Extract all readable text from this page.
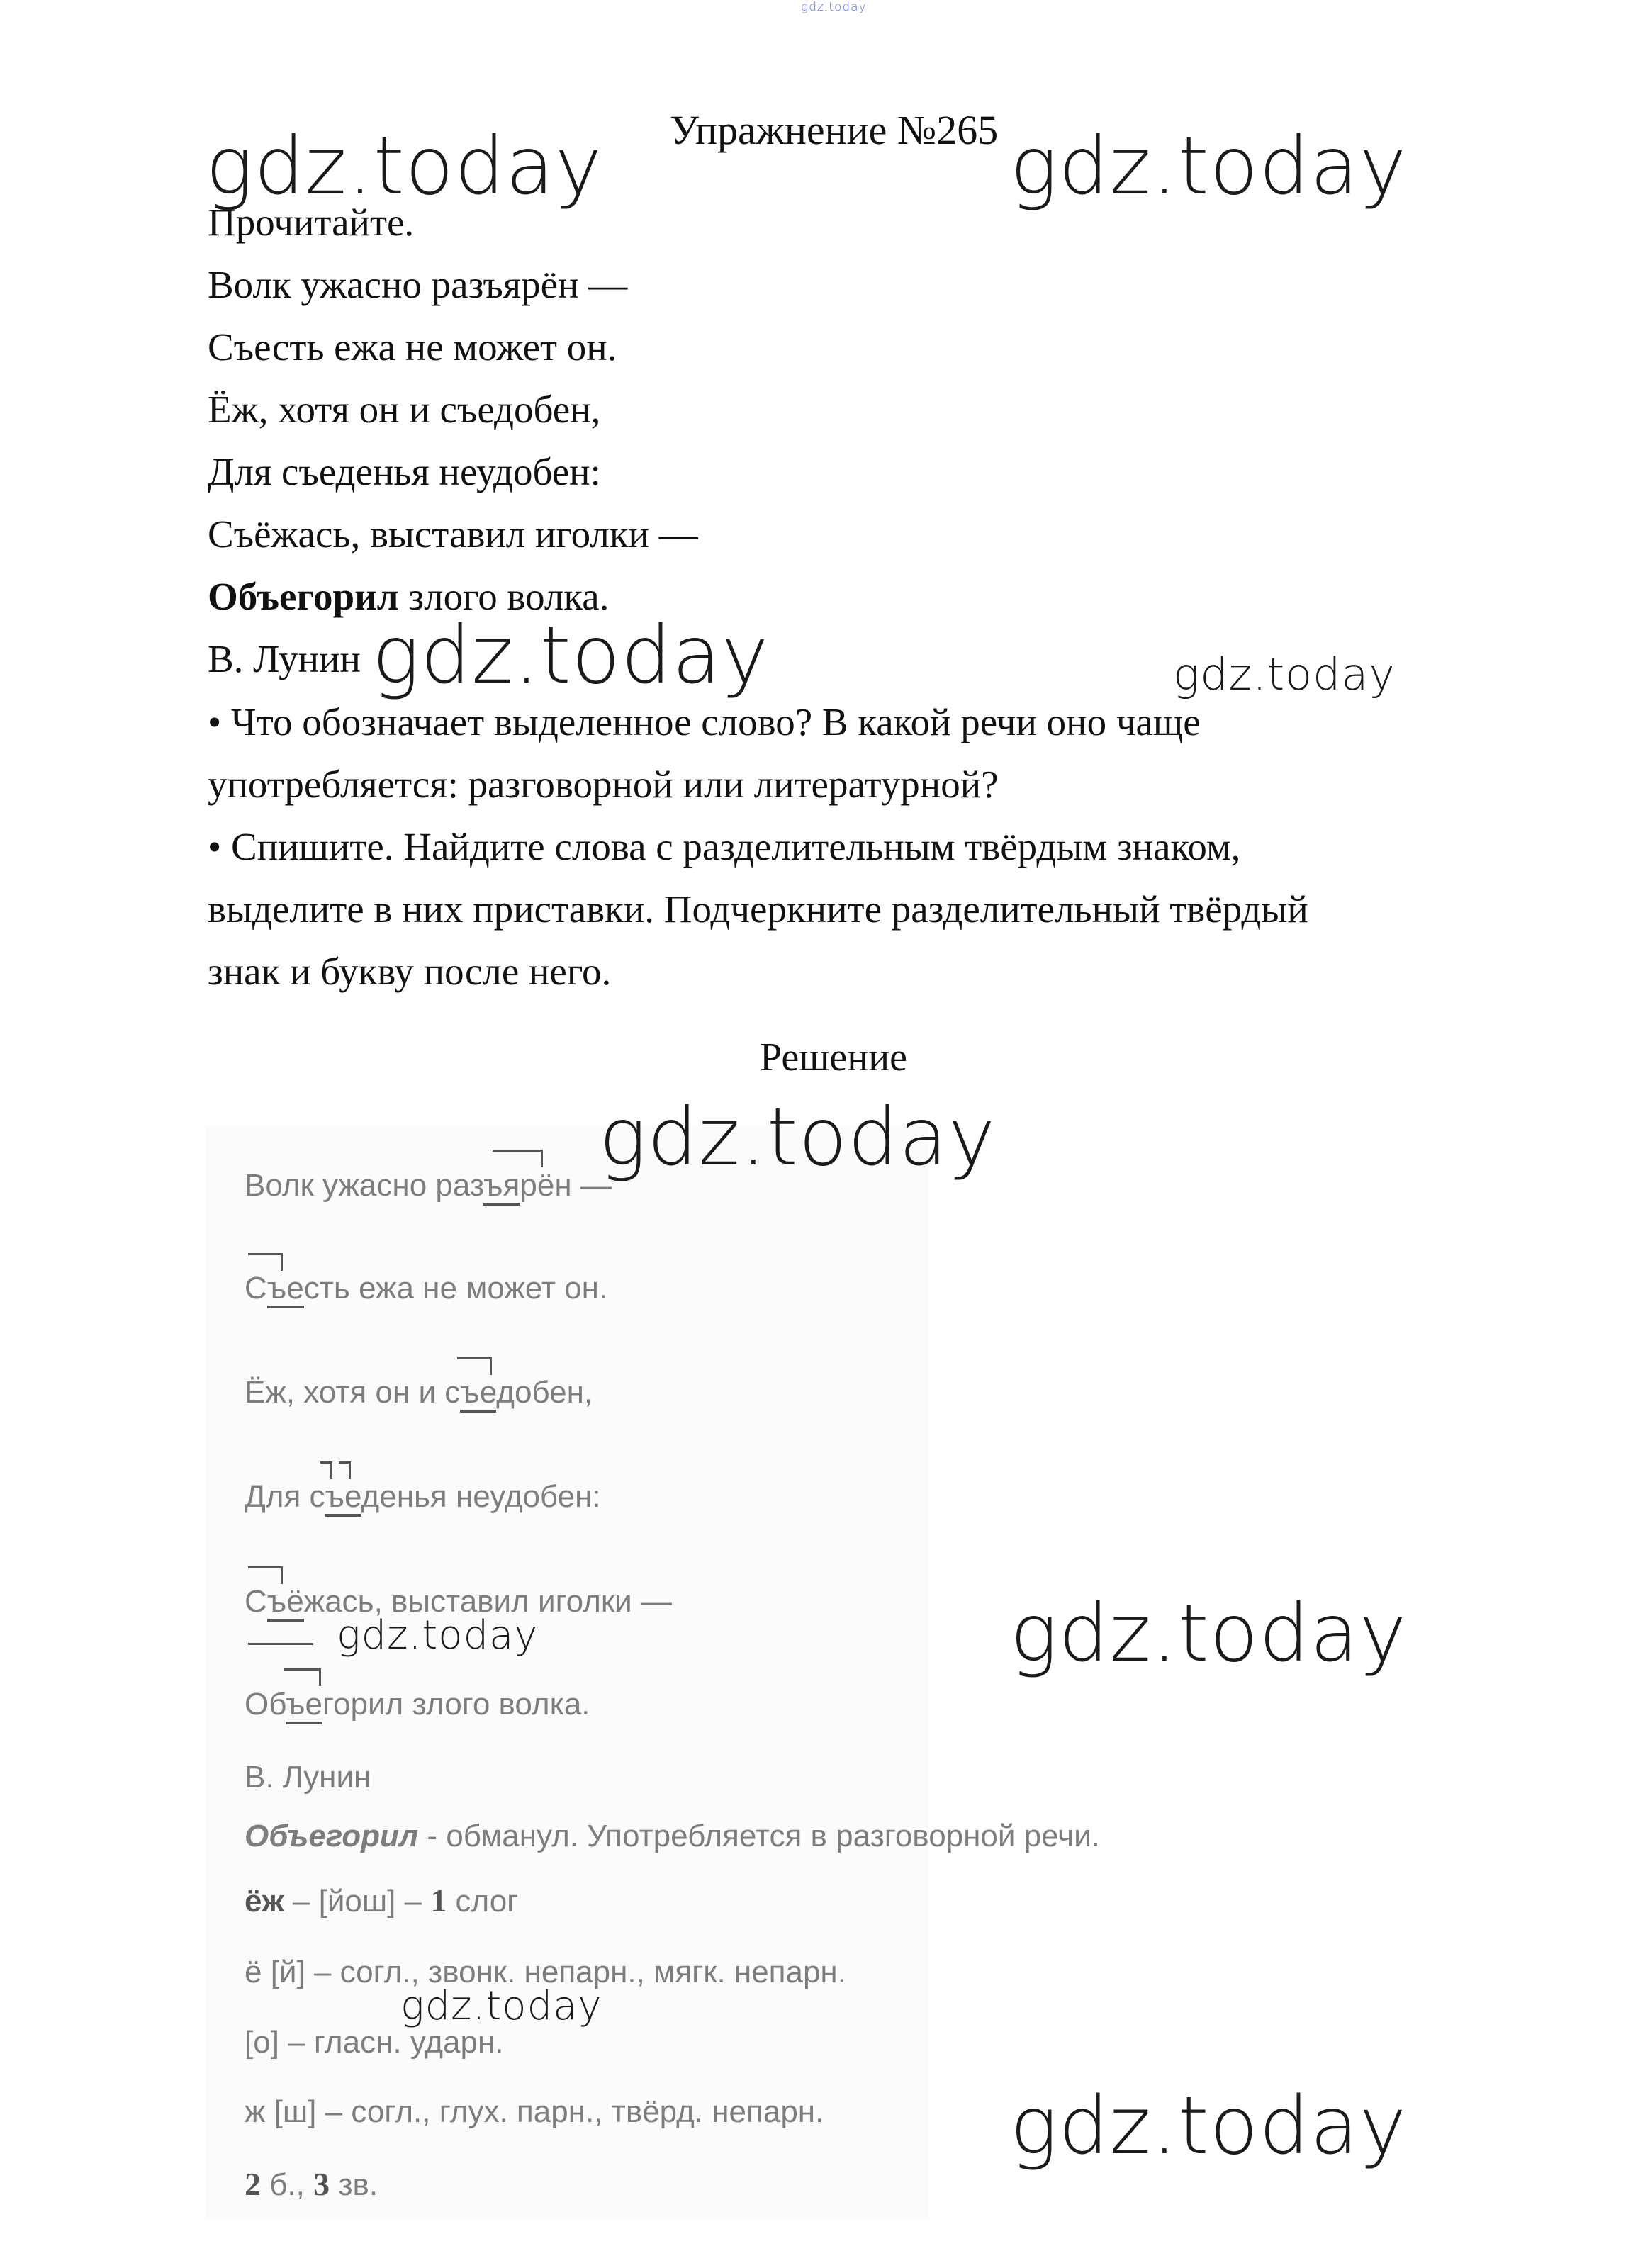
gdz.today
Упражнение №265
gdz.today	gdz.today
Прочитайте.
Волк ужасно разъярён —
Съесть ежа не может он.
Ёж, хотя он и съедобен,
Для съеденья неудобен:
Съёжась, выставил иголки —
Объегорил злого волка.
В. Лунин gdz.today	gdz.today
• Что обозначает выделенное слово? В какой речи оно чаще
употребляется: разговорной или литературной?
• Спишите. Найдите слова с разделительным твёрдым знаком,
выделите в них приставки. Подчеркните разделительный твёрдый
знак и букву после него.
Решение
gdz.today
Волк ужасно разъярён —
Съесть ежа не может он.
Ёж, хотя он и съедобен,
Для съеденья неудобен:
Съёжась, выставил иголки —
gdz.today	gdz.today
Объегорил злого волка.
В. Лунин
Объегорил - обманул. Употребляется в разговорной речи.
ёж – [йош] – 1 слог
ё [й] – согл., звонк. непарн., мягк. непарн.
gdz.today
[о] – гласн. ударн.
ж [ш] – согл., глух. парн., твёрд. непарн. gdz.today
2 б., 3 зв.
